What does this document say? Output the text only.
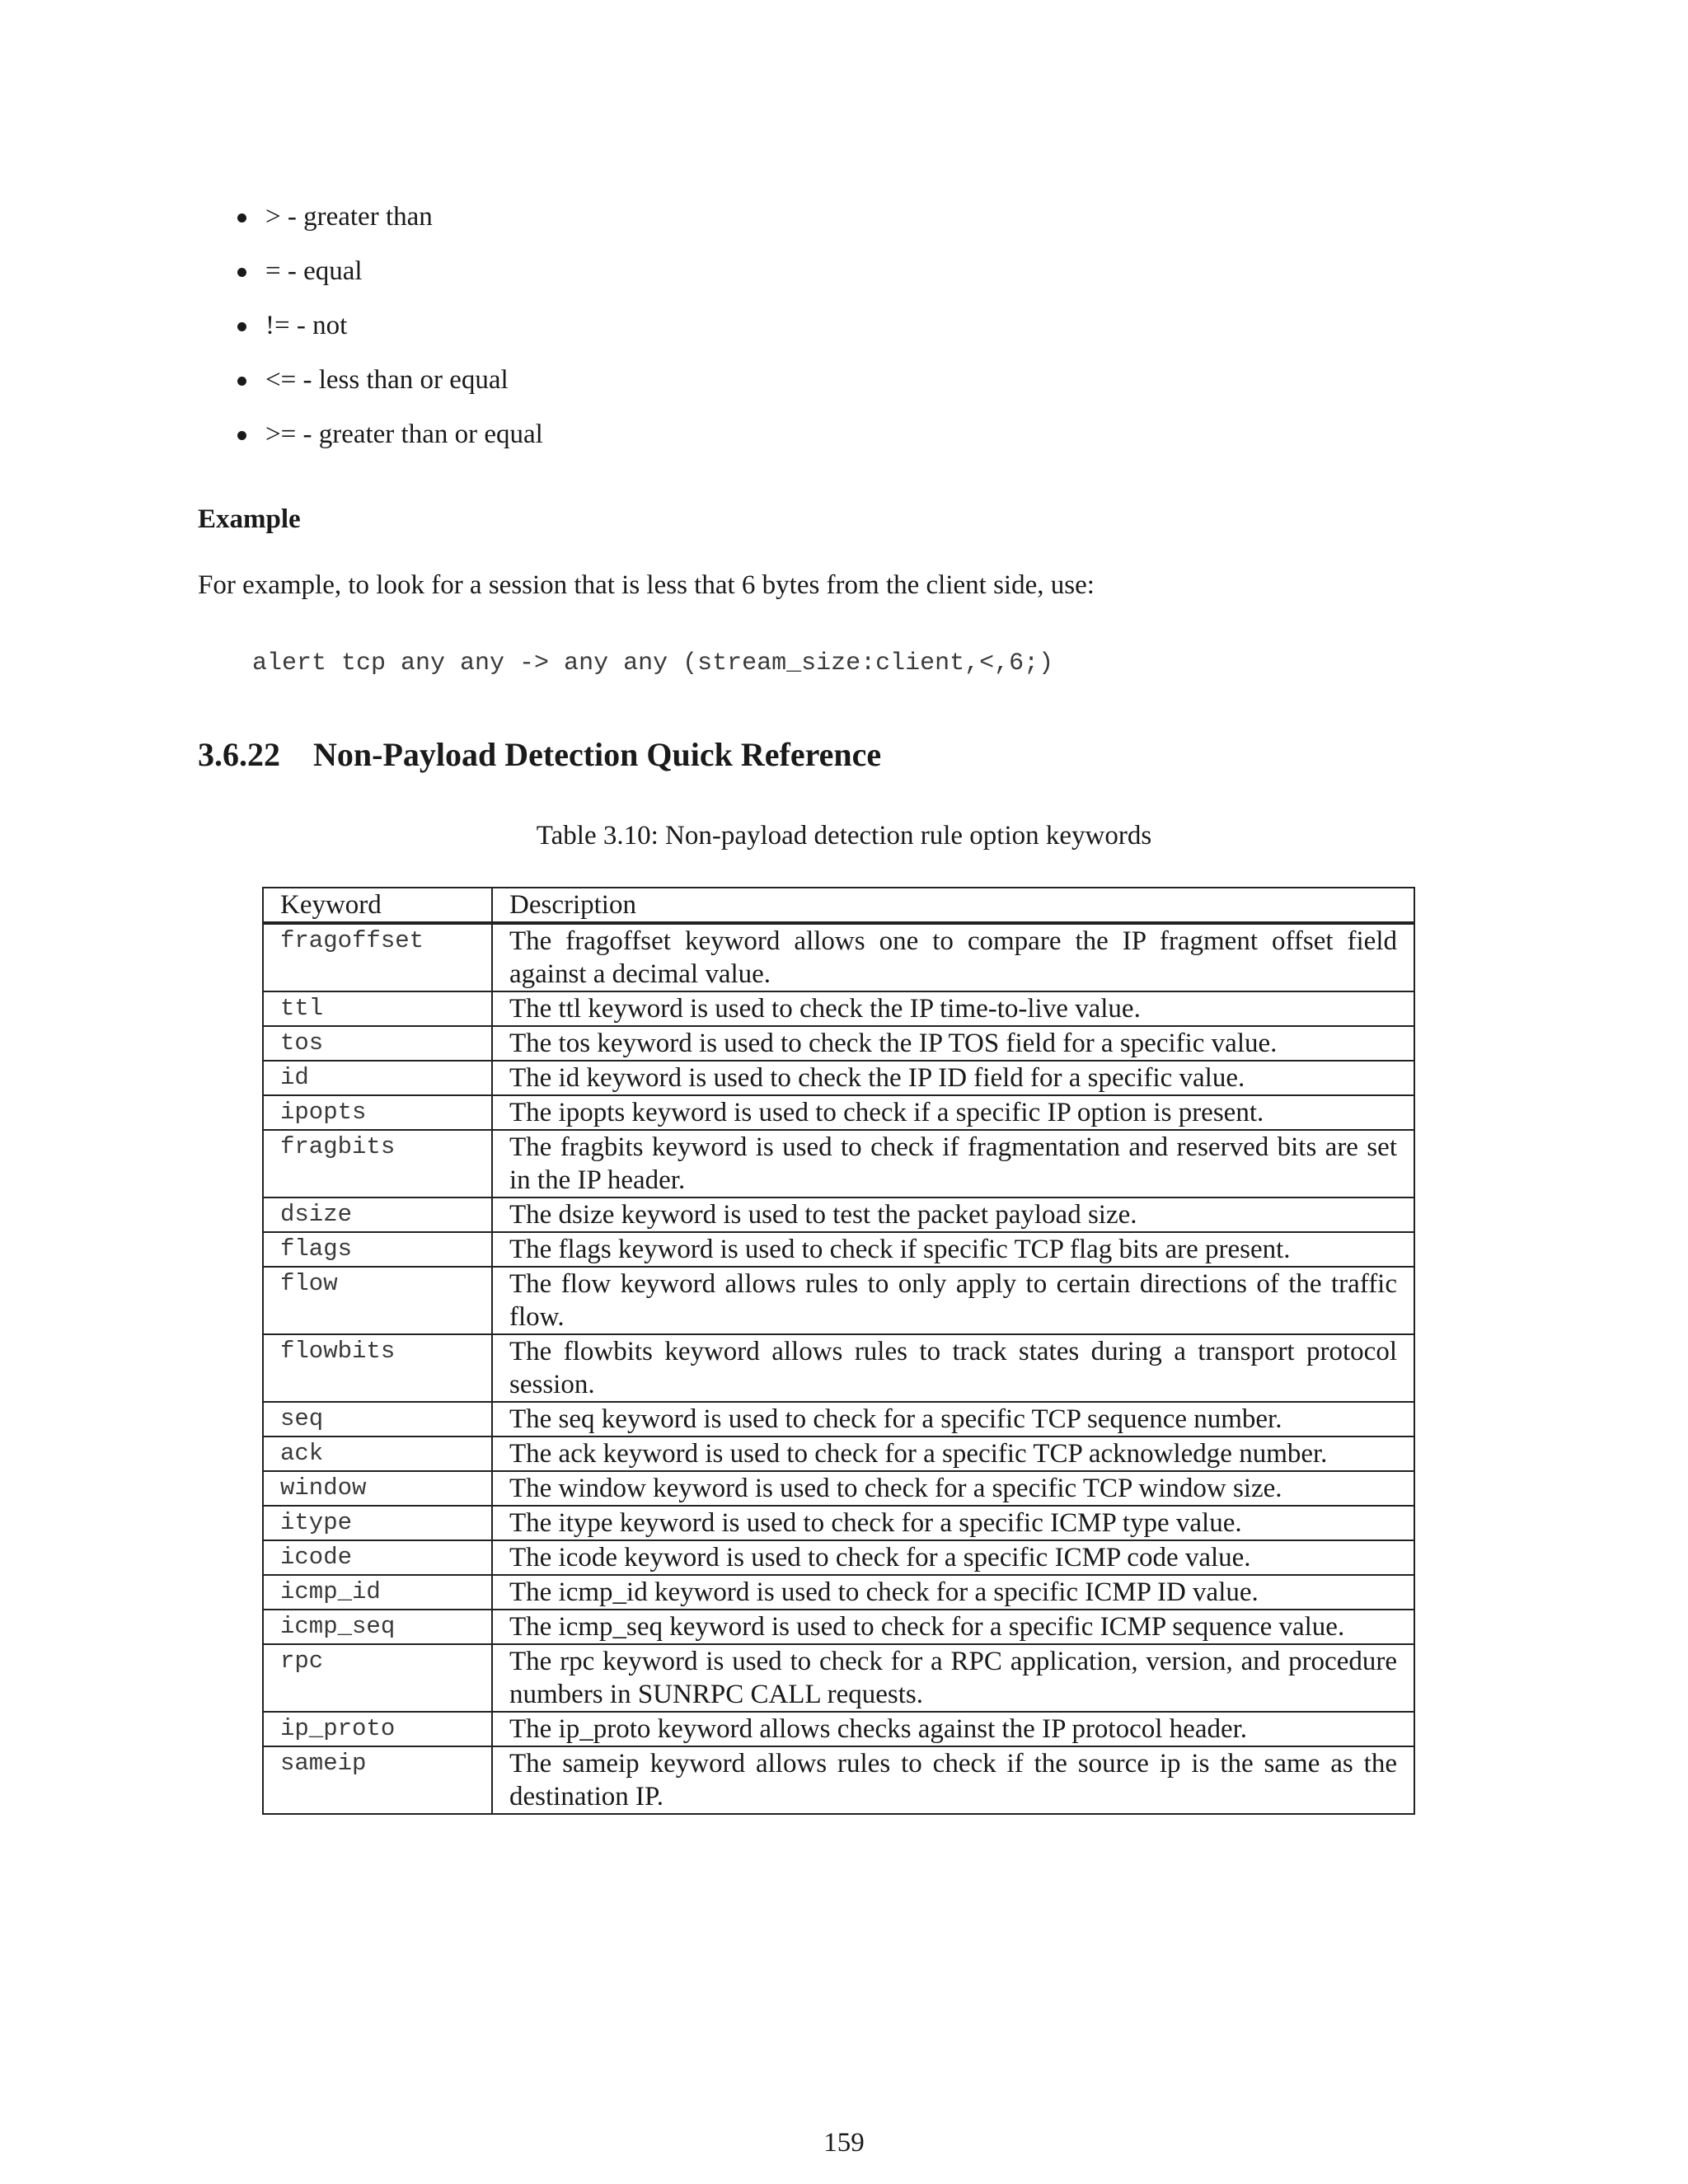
> - greater than
= - equal
!= - not
<= - less than or equal
>= - greater than or equal
Example

For example, to look for a session that is less that 6 bytes from the client side, use:

alert tcp any any -> any any (stream_size:client,<,6;)
3.6.22 Non-Payload Detection Quick Reference

Table 3.10: Non-payload detection rule option keywords

Keyword	Description
fragoffset	The fragoffset keyword allows one to compare the IP fragment offset field against a decimal value.
ttl	The ttl keyword is used to check the IP time-to-live value.
tos	The tos keyword is used to check the IP TOS field for a specific value.
id	The id keyword is used to check the IP ID field for a specific value.
ipopts	The ipopts keyword is used to check if a specific IP option is present.
fragbits	The fragbits keyword is used to check if fragmentation and reserved bits are set in the IP header.
dsize	The dsize keyword is used to test the packet payload size.
flags	The flags keyword is used to check if specific TCP flag bits are present.
flow	The flow keyword allows rules to only apply to certain directions of the traffic flow.
flowbits	The flowbits keyword allows rules to track states during a transport protocol session.
seq	The seq keyword is used to check for a specific TCP sequence number.
ack	The ack keyword is used to check for a specific TCP acknowledge number.
window	The window keyword is used to check for a specific TCP window size.
itype	The itype keyword is used to check for a specific ICMP type value.
icode	The icode keyword is used to check for a specific ICMP code value.
icmp_id	The icmp_id keyword is used to check for a specific ICMP ID value.
icmp_seq	The icmp_seq keyword is used to check for a specific ICMP sequence value.
rpc	The rpc keyword is used to check for a RPC application, version, and procedure numbers in SUNRPC CALL requests.
ip_proto	The ip_proto keyword allows checks against the IP protocol header.
sameip	The sameip keyword allows rules to check if the source ip is the same as the destination IP.

159
